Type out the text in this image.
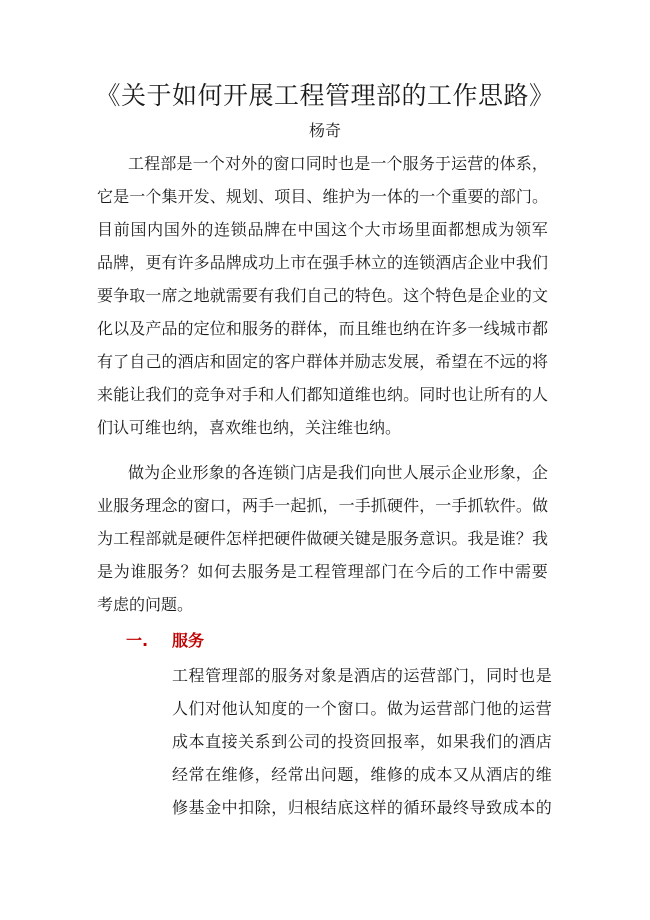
《关于如何开展工程管理部的工作思路》
杨奇
工 程 部 是 一 个 对 外 的 窗 口 同 时 也 是 一 个 服 务 于 运 营 的 体 系 ，
它 是 一 个 集 开 发 、 规 划 、 项 目 、 维 护 为 一 体 的 一 个 重 要 的 部 门 。
目 前 国 内 国 外 的 连 锁 品 牌 在 中 国 这 个 大 市 场 里 面 都 想 成 为 领 军
品 牌 ， 更 有 许 多 品 牌 成 功 上 市 在 强 手 林 立 的 连 锁 酒 店 企 业 中 我 们
要 争 取 一 席 之 地 就 需 要 有 我 们 自 己 的 特 色 。 这 个 特 色 是 企 业 的 文
化 以 及 产 品 的 定 位 和 服 务 的 群 体 ， 而 且 维 也 纳 在 许 多 一 线 城 市 都
有 了 自 己 的 酒 店 和 固 定 的 客 户 群 体 并 励 志 发 展 ， 希 望 在 不 远 的 将
来 能 让 我 们 的 竞 争 对 手 和 人 们 都 知 道 维 也 纳 。 同 时 也 让 所 有 的 人
们认可维也纳，喜欢维也纳，关注维也纳。
做 为 企 业 形 象 的 各 连 锁 门 店 是 我 们 向 世 人 展 示 企 业 形 象 ， 企
业 服 务 理 念 的 窗 口 ， 两 手 一 起 抓 ， 一 手 抓 硬 件 ， 一 手 抓 软 件 。 做
为 工 程 部 就 是 硬 件 怎 样 把 硬 件 做 硬 关 键 是 服 务 意 识 。 我 是 谁 ？ 我
是 为 谁 服 务 ？ 如 何 去 服 务 是 工 程 管 理 部 门 在 今 后 的 工 作 中 需 要
考虑的问题。
一. 服务
工 程 管 理 部 的 服 务 对 象 是 酒 店 的 运 营 部 门 ， 同 时 也 是
人 们 对 他 认 知 度 的 一 个 窗 口 。 做 为 运 营 部 门 他 的 运 营
成 本 直 接 关 系 到 公 司 的 投 资 回 报 率 ， 如 果 我 们 的 酒 店
经 常 在 维 修 ， 经 常 出 问 题 ， 维 修 的 成 本 又 从 酒 店 的 维
修 基 金 中 扣 除 ， 归 根 结 底 这 样 的 循 环 最 终 导 致 成 本 的
